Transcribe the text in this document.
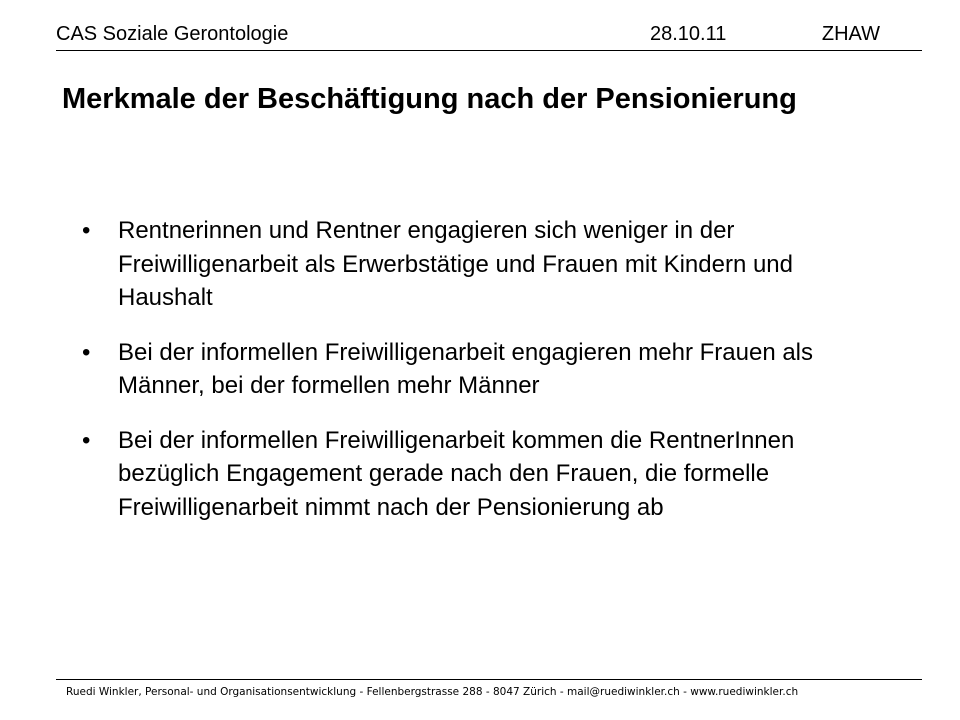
CAS Soziale Gerontologie	28.10.11	ZHAW
Merkmale der Beschäftigung nach der Pensionierung
• Rentnerinnen und Rentner engagieren sich weniger in der Freiwilligenarbeit als Erwerbstätige und Frauen mit Kindern und Haushalt
• Bei der informellen Freiwilligenarbeit engagieren mehr Frauen als Männer, bei der formellen mehr Männer
• Bei der informellen Freiwilligenarbeit kommen die RentnerInnen bezüglich Engagement gerade nach den Frauen, die formelle Freiwilligenarbeit nimmt nach der Pensionierung ab
Ruedi Winkler, Personal- und Organisationsentwicklung - Fellenbergstrasse 288 - 8047 Zürich - mail@ruediwinkler.ch - www.ruediwinkler.ch
